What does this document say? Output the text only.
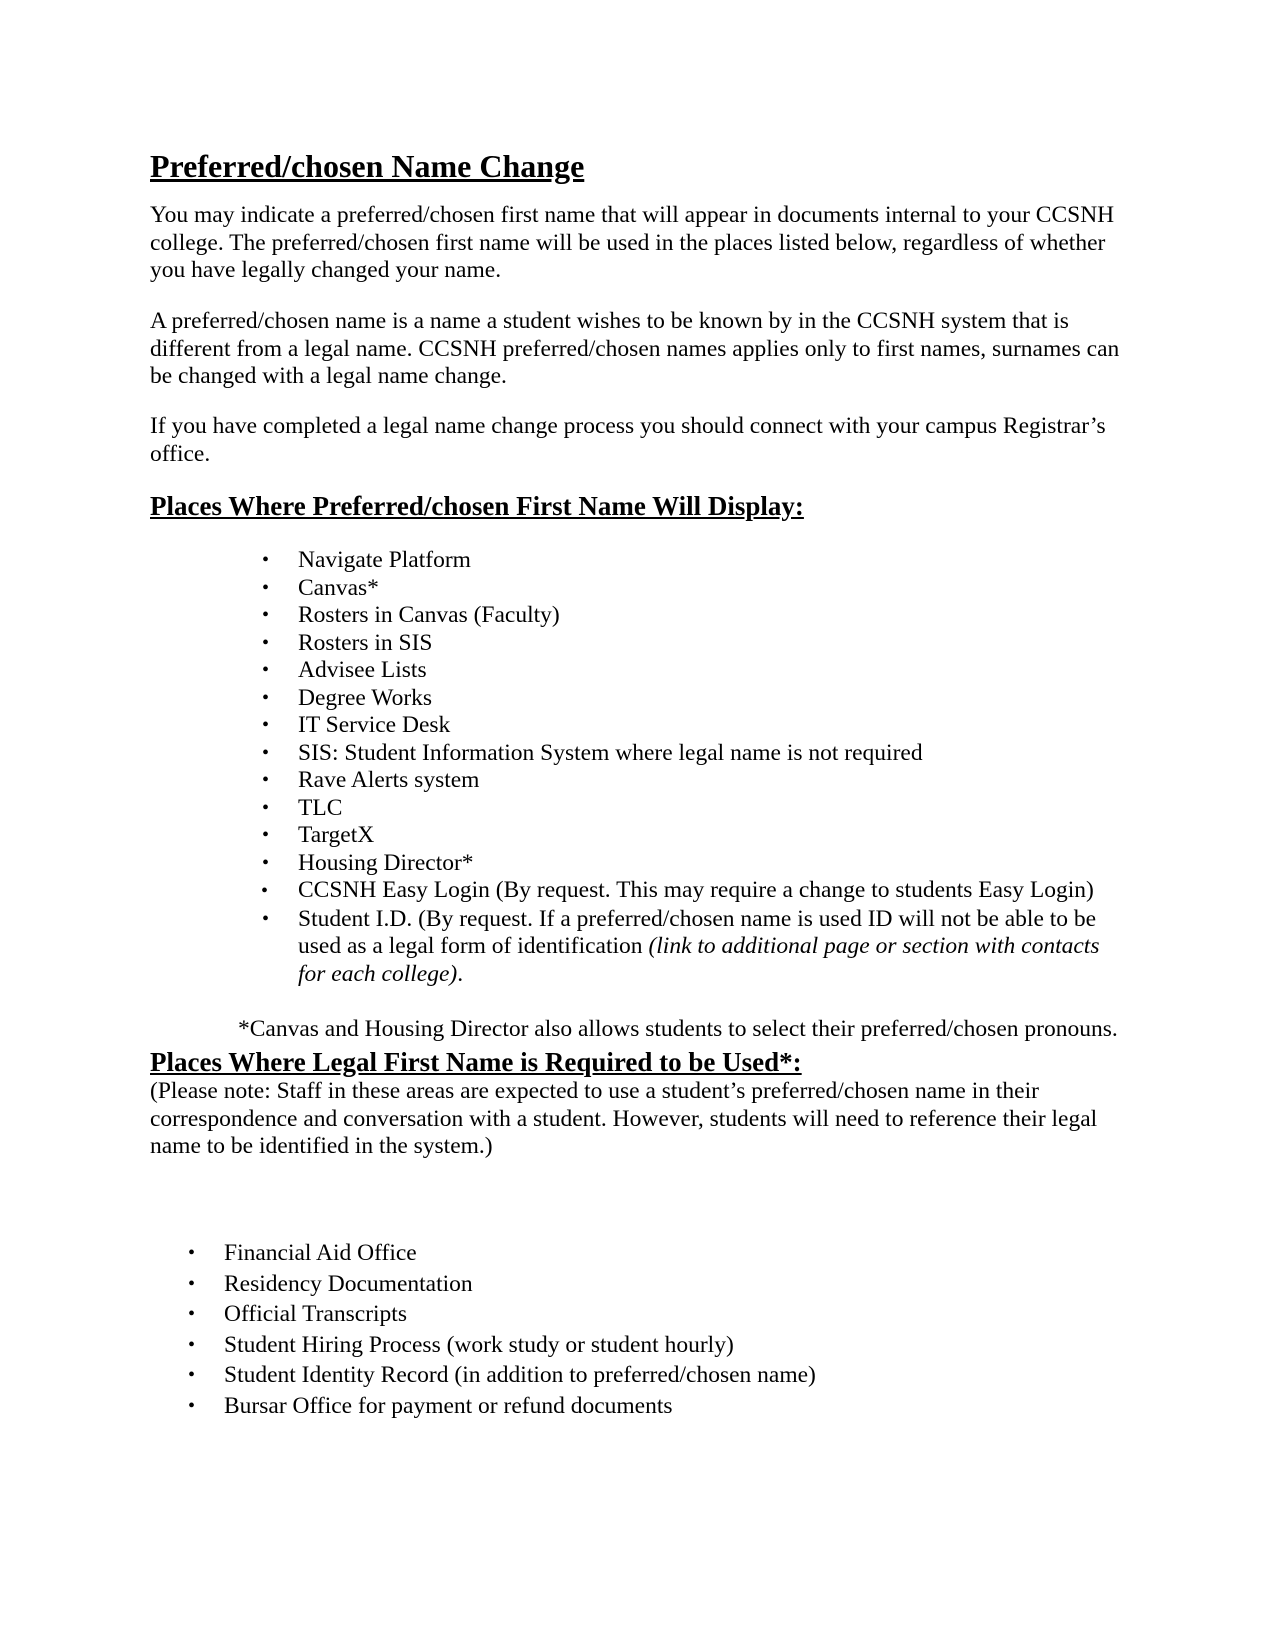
Preferred/chosen Name Change

You may indicate a preferred/chosen first name that will appear in documents internal to your CCSNH college. The preferred/chosen first name will be used in the places listed below, regardless of whether you have legally changed your name.

A preferred/chosen name is a name a student wishes to be known by in the CCSNH system that is different from a legal name. CCSNH preferred/chosen names applies only to first names, surnames can be changed with a legal name change.

If you have completed a legal name change process you should connect with your campus Registrar’s office.

Places Where Preferred/chosen First Name Will Display:
• Navigate Platform
• Canvas*
• Rosters in Canvas (Faculty)
• Rosters in SIS
• Advisee Lists
• Degree Works
• IT Service Desk
• SIS: Student Information System where legal name is not required
• Rave Alerts system
• TLC
• TargetX
• Housing Director*
• CCSNH Easy Login (By request. This may require a change to students Easy Login)
• Student I.D. (By request. If a preferred/chosen name is used ID will not be able to be used as a legal form of identification (link to additional page or section with contacts for each college).

*Canvas and Housing Director also allows students to select their preferred/chosen pronouns.

Places Where Legal First Name is Required to be Used*:

(Please note: Staff in these areas are expected to use a student’s preferred/chosen name in their correspondence and conversation with a student. However, students will need to reference their legal name to be identified in the system.)

• Financial Aid Office
• Residency Documentation
• Official Transcripts
• Student Hiring Process (work study or student hourly)
• Student Identity Record (in addition to preferred/chosen name)
• Bursar Office for payment or refund documents
